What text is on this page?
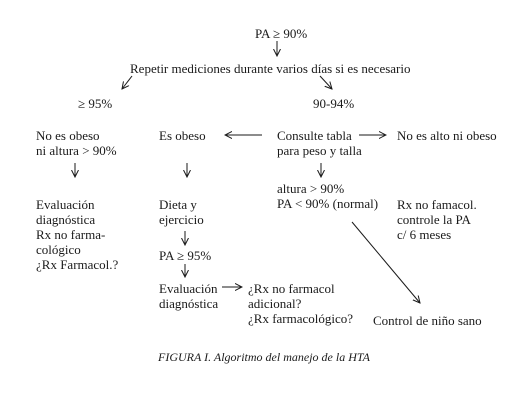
PA ≥ 90%
Repetir mediciones durante varios días si es necesario
≥ 95%	90-94%
No es obeso
ni altura > 90%
Es obeso	Consulte tabla
para peso y talla
No es alto ni obeso
Evaluación
diagnóstica
Rx no farma-
cológico
¿Rx Farmacol.?
Dieta y
ejercicio
PA ≥ 95%
Evaluación
diagnóstica
altura > 90%
PA < 90% (normal) Rx no famacol.
controle la PA
c/ 6 meses
¿Rx no farmacol
adicional?
¿Rx farmacológico? Control de niño sano
FIGURA I. Algoritmo del manejo de la HTA
